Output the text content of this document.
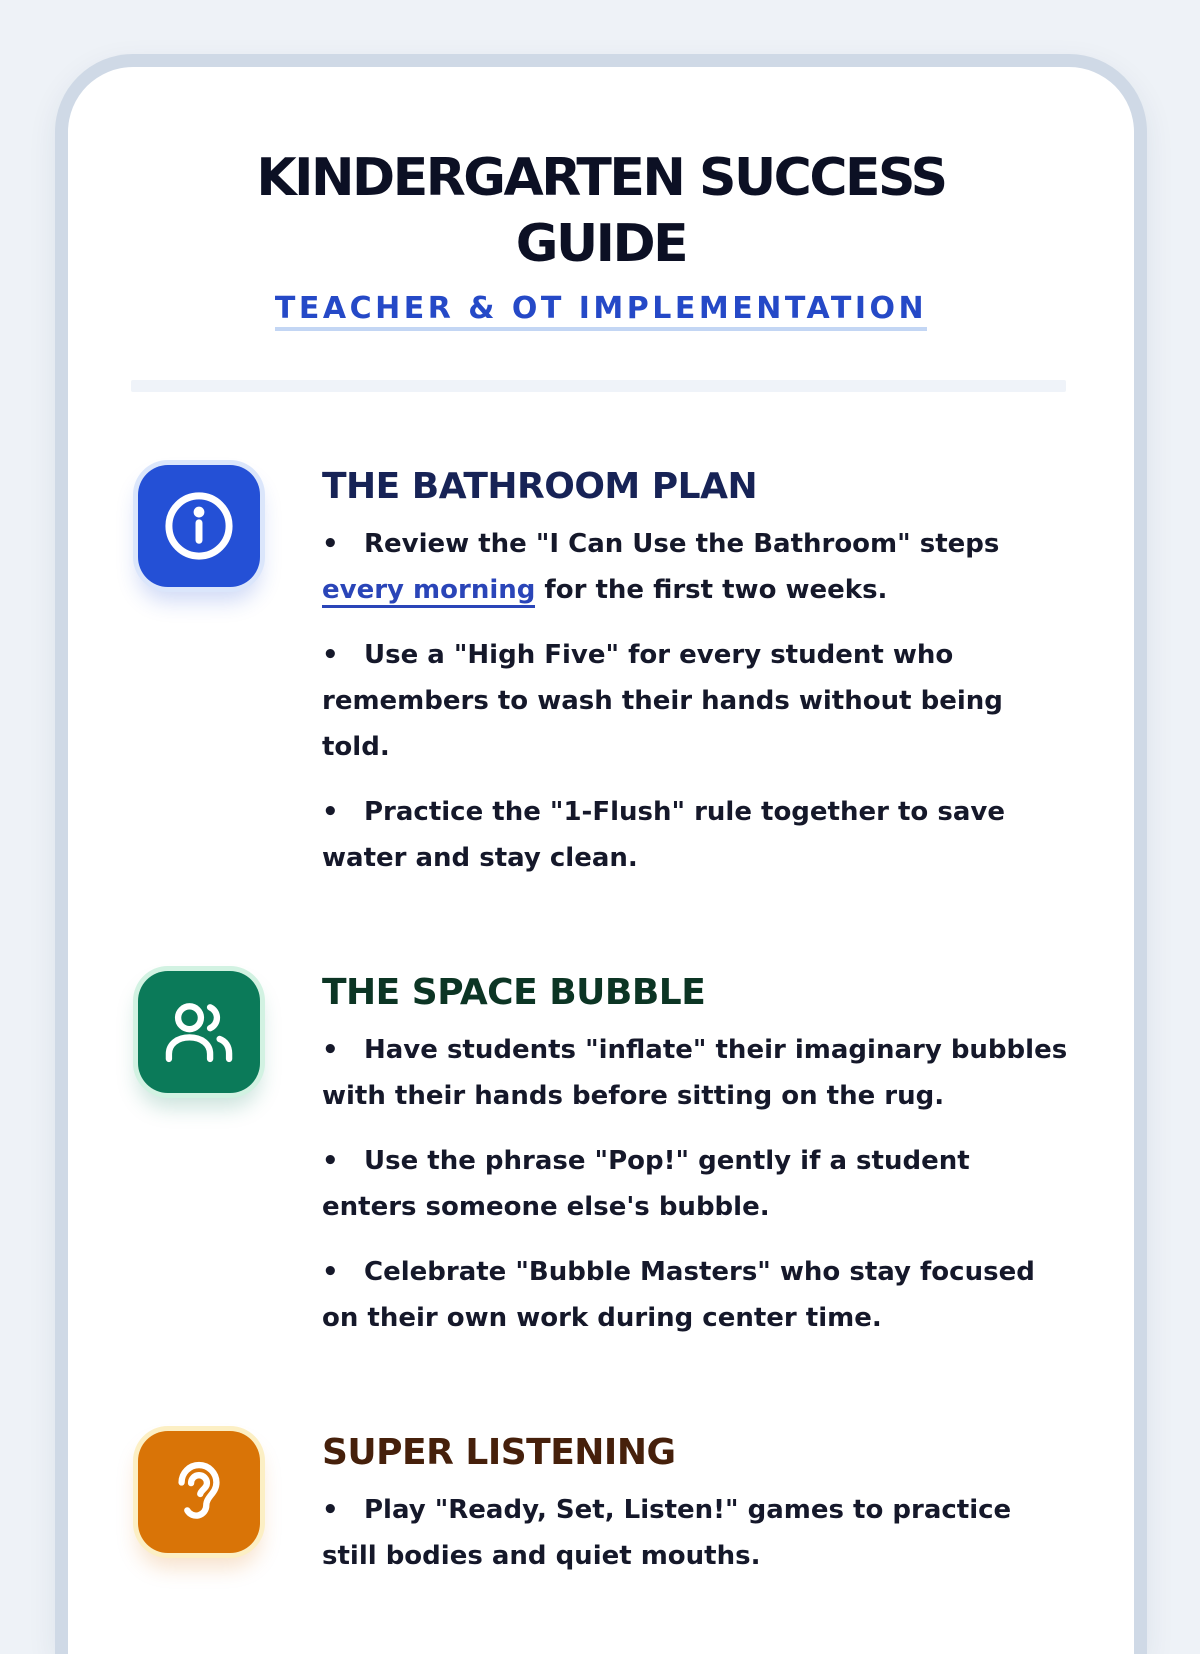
KINDERGARTEN SUCCESS GUIDE
TEACHER & OT IMPLEMENTATION
THE BATHROOM PLAN
• Review the "I Can Use the Bathroom" steps every morning for the first two weeks.
• Use a "High Five" for every student who remembers to wash their hands without being told.
• Practice the "1-Flush" rule together to save water and stay clean.
THE SPACE BUBBLE
• Have students "inflate" their imaginary bubbles with their hands before sitting on the rug.
• Use the phrase "Pop!" gently if a student enters someone else's bubble.
• Celebrate "Bubble Masters" who stay focused on their own work during center time.
SUPER LISTENING
• Play "Ready, Set, Listen!" games to practice still bodies and quiet mouths.
